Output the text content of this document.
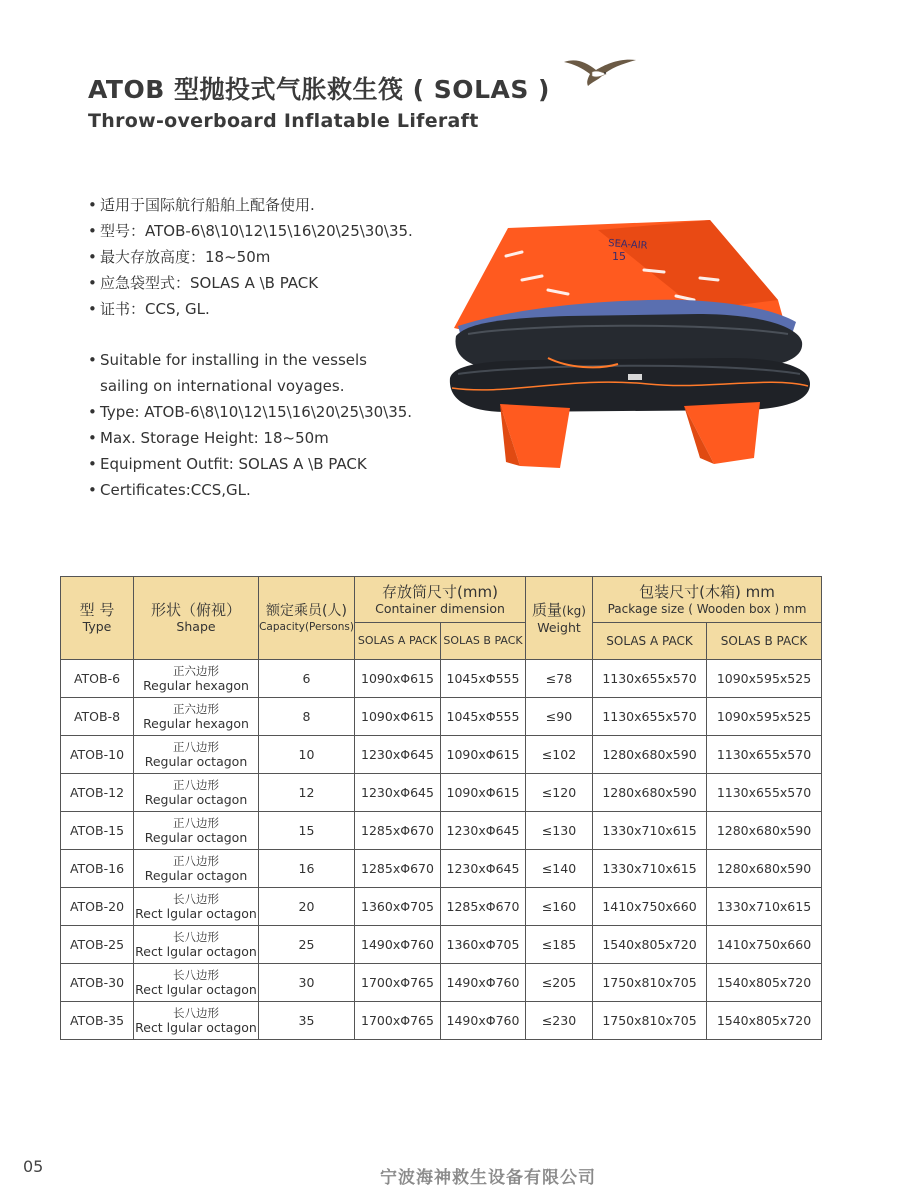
ATOB 型抛投式气胀救生筏 ( SOLAS )
Throw-overboard Inflatable Liferaft
• 适用于国际航行船舶上配备使用.
• 型号：ATOB-6\8\10\12\15\16\20\25\30\35.
• 最大存放高度：18~50m
• 应急袋型式：SOLAS A \B PACK
• 证书：CCS, GL.
• Suitable for installing in the vessels
sailing on international voyages.
• Type: ATOB-6\8\10\12\15\16\20\25\30\35.
• Max. Storage Height: 18~50m
• Equipment Outfit: SOLAS A \B PACK
• Certificates:CCS,GL.
SEA-AIR
15
型 号
Type	形状（俯视）
Shape	额定乘员(人)
Capacity(Persons)	存放筒尺寸(mm)
Container dimension		质量(kg)
Weight	包装尺寸(木箱) mm
Package size ( Wooden box ) mm	

			SOLAS A PACK	SOLAS B PACK		SOLAS A PACK	SOLAS B PACK

ATOB-6	正六边形
Regular hexagon	6	1090xΦ615	1045xΦ555	≤78	1130x655x570	1090x595x525
ATOB-8	正六边形
Regular hexagon	8	1090xΦ615	1045xΦ555	≤90	1130x655x570	1090x595x525
ATOB-10	正八边形
Regular octagon	10	1230xΦ645	1090xΦ615	≤102	1280x680x590	1130x655x570
ATOB-12	正八边形
Regular octagon	12	1230xΦ645	1090xΦ615	≤120	1280x680x590	1130x655x570
ATOB-15	正八边形
Regular octagon	15	1285xΦ670	1230xΦ645	≤130	1330x710x615	1280x680x590
ATOB-16	正八边形
Regular octagon	16	1285xΦ670	1230xΦ645	≤140	1330x710x615	1280x680x590
ATOB-20	长八边形
Rect lgular octagon	20	1360xΦ705	1285xΦ670	≤160	1410x750x660	1330x710x615
ATOB-25	长八边形
Rect lgular octagon	25	1490xΦ760	1360xΦ705	≤185	1540x805x720	1410x750x660
ATOB-30	长八边形
Rect lgular octagon	30	1700xΦ765	1490xΦ760	≤205	1750x810x705	1540x805x720
ATOB-35	长八边形
Rect lgular octagon	35	1700xΦ765	1490xΦ760	≤230	1750x810x705	1540x805x720
05
宁波海神救生设备有限公司
